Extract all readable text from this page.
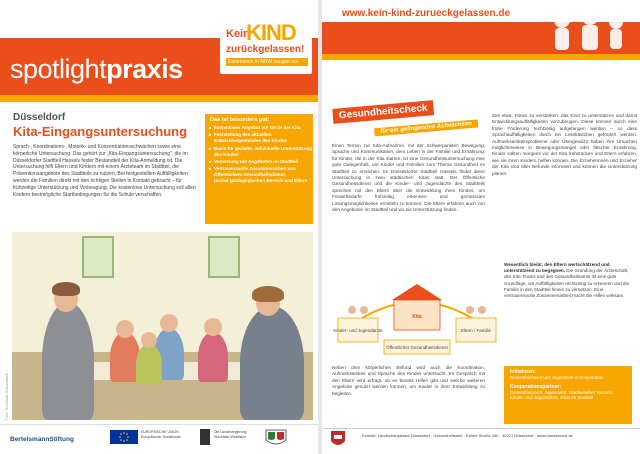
spotlightpraxis
Kein
KIND
zurückgelassen!
Kommunen in NRW beugen vor
Düsseldorf
Kita-Eingangsuntersuchung
Sprach-, Koordinations-, Motorik- und Konzentrationsschwächen sowie eine körperliche Untersuchung: Das gehört zur „Kita-Eingangsuntersuchung“, die im Düsseldorfer Stadtteil Hassels fester Bestandteil der Kita-Anmeldung ist. Die Untersuchung hilft Eltern und Kindern mit einem Ärzteteam im Stadtteil, die Präventionsangebote des Stadtteils zu nutzen. Bei festgestellten Auffälligkeiten werden die Familien direkt mit den richtigen Stellen in Kontakt gebracht – für frühzeitige Unterstützung und Vorbeugung. Die kostenlose Untersuchung soll allen Kindern bestmögliche Startbedingungen für die Schule verschaffen.
Das ist besonders gut:
kostenloses Angebot vor Ort in der Kita
Feststellung des aktuellen Entwicklungsstandes des Kindes
Basis für gezielte, individuelle Unterstützung des Kindes
Vernetzung mit Angeboten im Stadtteil
Vertrauensvolle Zusammenarbeit von Öffentlichem Gesundheitsdienst, (sozial-)pädagogischen Bereich und Eltern
Foto: RL/Stadt Düsseldorf/...
BertelsmannStiftung
EUROPÄISCHE UNION Europäischer Sozialfonds
Die Landesregierung Nordrhein-Westfalen
www.kein-kind-zurueckgelassen.de
Gesundheitscheck
für ein gelingendes Aufwachsen
Einen Termin zur Kita-Aufnahme, mit der Schwerpunkten Bewegung, Sprache und Kommunikation, dem Leben in der Familie und Ernährung: für Kinder, die in der Kita starten, ist eine Gesundheitsuntersuchung eine gute Gelegenheit, um Kinder und Familien zum Thema Gesundheit im Stadtteil zu erreichen. Im Düsseldorfer Stadtteil Hassels findet diese Untersuchung in zwei städtischen Kitas statt. Der Öffentliche Gesundheitsdienst und die Kinder- und Jugendärzte des Stadtteils sprechen mit den Eltern über die Entwicklung ihres Kindes, um Förderbedarfe frühzeitig erkennen und gemeinsam Lösungsmöglichkeiten ermitteln zu können. Die Eltern erfahren auch von den Angeboten im Stadtteil und wo sie Unterstützung finden.
Zeit etwa, Fitnes zu verstärken, das Kind zu unterstützen und damit Entwicklungsauffälligkeiten vorzubeugen. Diese können durch eine frühe Förderung rechtzeitig aufgefangen werden – so dass Sprachauffälligkeiten durch ein Lesekästchen gefördert werden. Aufmerksamkeitsprobleme oder Übergewicht haben ihre Ursachen möglicherweise in Bewegungsmangel oder falscher Ernährung. Kinder sollten morgens vor der Kita frühstücken und Eltern erfahren, wie sie ihren Kindern helfen können. Die Erzieherinnen und Erzieher der Kita sind über Befunde informiert und können die Unterstützung planen.
Kinder- und Jugendärzte
Kita
Eltern / Familie
Öffentlicher Gesundheitsdienst
Wesentlich bleibt, den Eltern wertschätzend und unterstützend zu begegnen. Die Gründung der Ärzteschaft, des Kita-Teams und des Gesundheitsamts ist eine gute Grundlage, um Auffälligkeiten rechtzeitig zu erkennen und die Familie in den Stadtteil hinein zu vernetzen. Eine vertrauensvolle Zusammenarbeit macht die Hilfen wirksam.
Neben dem körperlichen Befund wird auch die Koordination, Aufmerksamkeit und Sprache des Kindes untersucht. Im Gespräch mit den Eltern wird erfragt, ob es bereits Hilfen gibt und welche weiteren Angebote genutzt werden können, um Kinder in ihrer Entwicklung zu begleiten.
Initiatoren:
Gesundheitsamt und Jugendamt in Kooperation
Kooperationspartner:
Gesundheitsamt, Jugendamt, Stadtteilarbeit Hassels, Kinder- und Jugendärzte, Kitas im Stadtteil
Kontakt: Landeshauptstadt Düsseldorf · Gesundheitsamt · Kölner Straße 180 · 40227 Düsseldorf · www.duesseldorf.de
